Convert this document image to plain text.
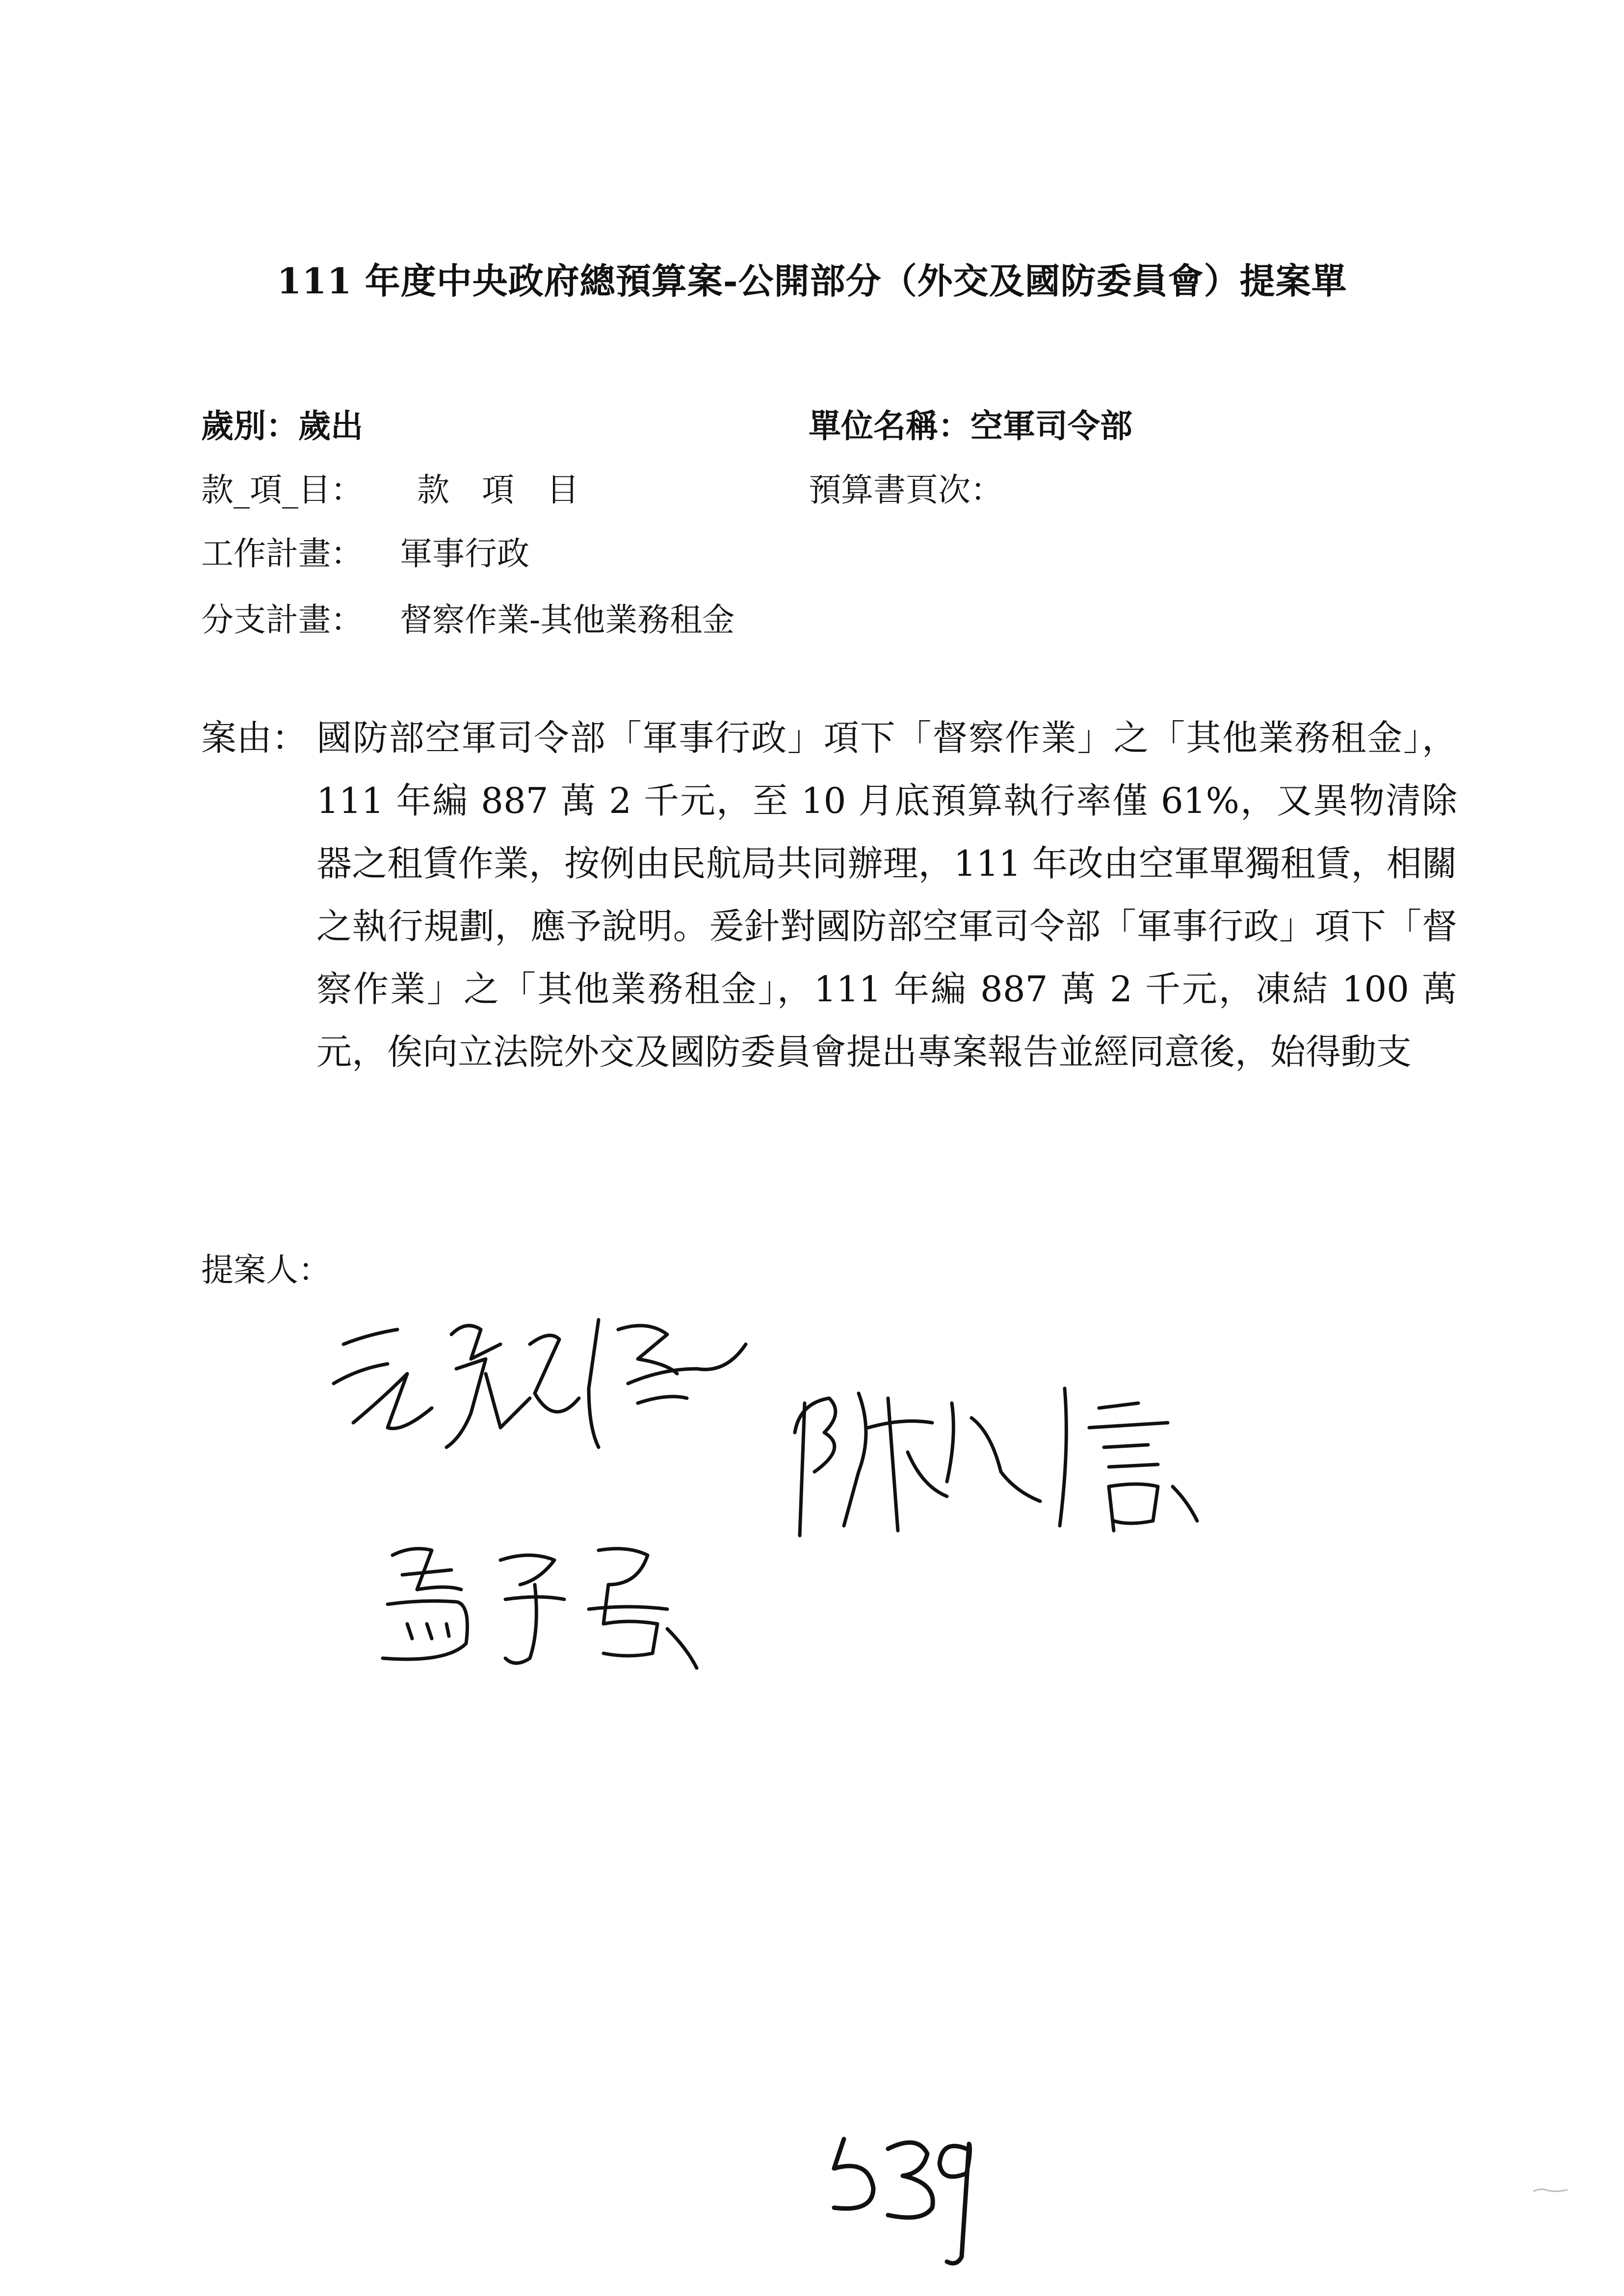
111 年度中央政府總預算案-公開部分（外交及國防委員會）提案單
歲別：歲出	單位名稱：空軍司令部
款_項_目： 款　項　目	預算書頁次：
工作計畫： 軍事行政
分支計畫： 督察作業-其他業務租金
案由： 國防部空軍司令部「軍事行政」項下「督察作業」之「其他業務租金」，111 年編 887 萬 2 千元，至 10 月底預算執行率僅 61%，又異物清除器之租賃作業，按例由民航局共同辦理，111 年改由空軍單獨租賃，相關之執行規劃，應予說明。爰針對國防部空軍司令部「軍事行政」項下「督察作業」之「其他業務租金」，111 年編 887 萬 2 千元，凍結 100 萬元，俟向立法院外交及國防委員會提出專案報告並經同意後，始得動支
提案人：
